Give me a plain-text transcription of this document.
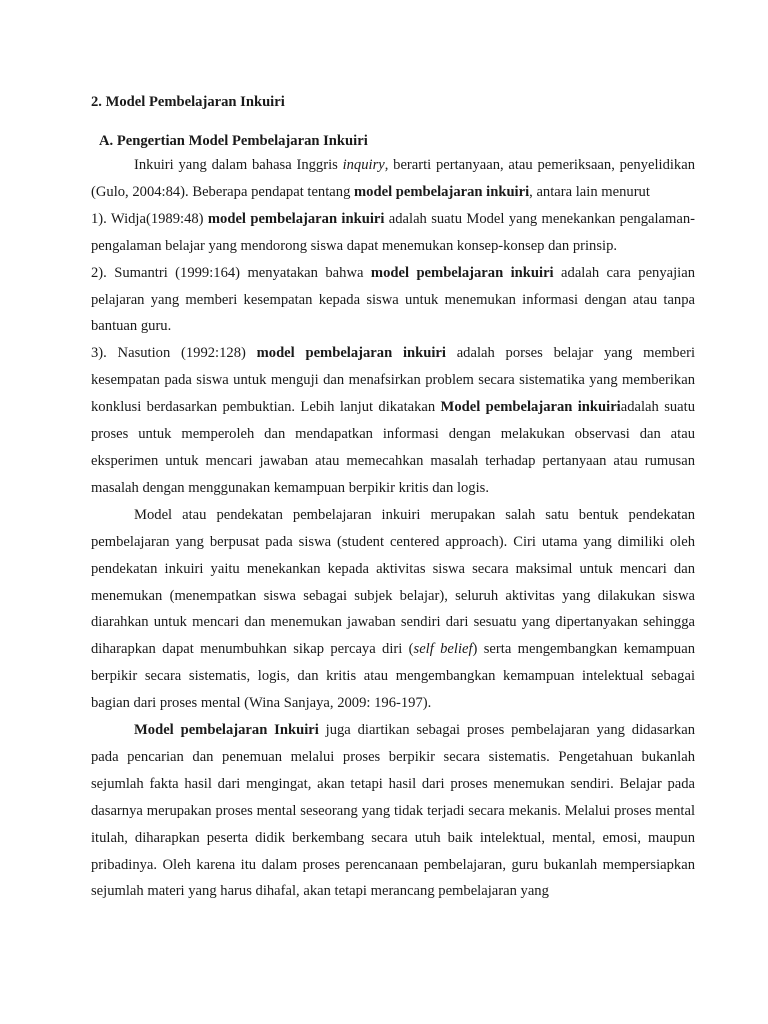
2. Model Pembelajaran Inkuiri
A. Pengertian Model Pembelajaran Inkuiri

Inkuiri yang dalam bahasa Inggris inquiry, berarti pertanyaan, atau pemeriksaan, penyelidikan (Gulo, 2004:84). Beberapa pendapat tentang model pembelajaran inkuiri, antara lain menurut

1). Widja(1989:48) model pembelajaran inkuiri adalah suatu Model yang menekankan pengalaman-pengalaman belajar yang mendorong siswa dapat menemukan konsep-konsep dan prinsip.

2). Sumantri (1999:164) menyatakan bahwa model pembelajaran inkuiri adalah cara penyajian pelajaran yang memberi kesempatan kepada siswa untuk menemukan informasi dengan atau tanpa bantuan guru.

3). Nasution (1992:128) model pembelajaran inkuiri adalah porses belajar yang memberi kesempatan pada siswa untuk menguji dan menafsirkan problem secara sistematika yang memberikan konklusi berdasarkan pembuktian. Lebih lanjut dikatakan Model pembelajaran inkuiriadalah suatu proses untuk memperoleh dan mendapatkan informasi dengan melakukan observasi dan atau eksperimen untuk mencari jawaban atau memecahkan masalah terhadap pertanyaan atau rumusan masalah dengan menggunakan kemampuan berpikir kritis dan logis.

Model atau pendekatan pembelajaran inkuiri merupakan salah satu bentuk pendekatan pembelajaran yang berpusat pada siswa (student centered approach). Ciri utama yang dimiliki oleh pendekatan inkuiri yaitu menekankan kepada aktivitas siswa secara maksimal untuk mencari dan menemukan (menempatkan siswa sebagai subjek belajar), seluruh aktivitas yang dilakukan siswa diarahkan untuk mencari dan menemukan jawaban sendiri dari sesuatu yang dipertanyakan sehingga diharapkan dapat menumbuhkan sikap percaya diri (self belief) serta mengembangkan kemampuan berpikir secara sistematis, logis, dan kritis atau mengembangkan kemampuan intelektual sebagai bagian dari proses mental (Wina Sanjaya, 2009: 196-197).

Model pembelajaran Inkuiri juga diartikan sebagai proses pembelajaran yang didasarkan pada pencarian dan penemuan melalui proses berpikir secara sistematis. Pengetahuan bukanlah sejumlah fakta hasil dari mengingat, akan tetapi hasil dari proses menemukan sendiri. Belajar pada dasarnya merupakan proses mental seseorang yang tidak terjadi secara mekanis. Melalui proses mental itulah, diharapkan peserta didik berkembang secara utuh baik intelektual, mental, emosi, maupun pribadinya. Oleh karena itu dalam proses perencanaan pembelajaran, guru bukanlah mempersiapkan sejumlah materi yang harus dihafal, akan tetapi merancang pembelajaran yang
